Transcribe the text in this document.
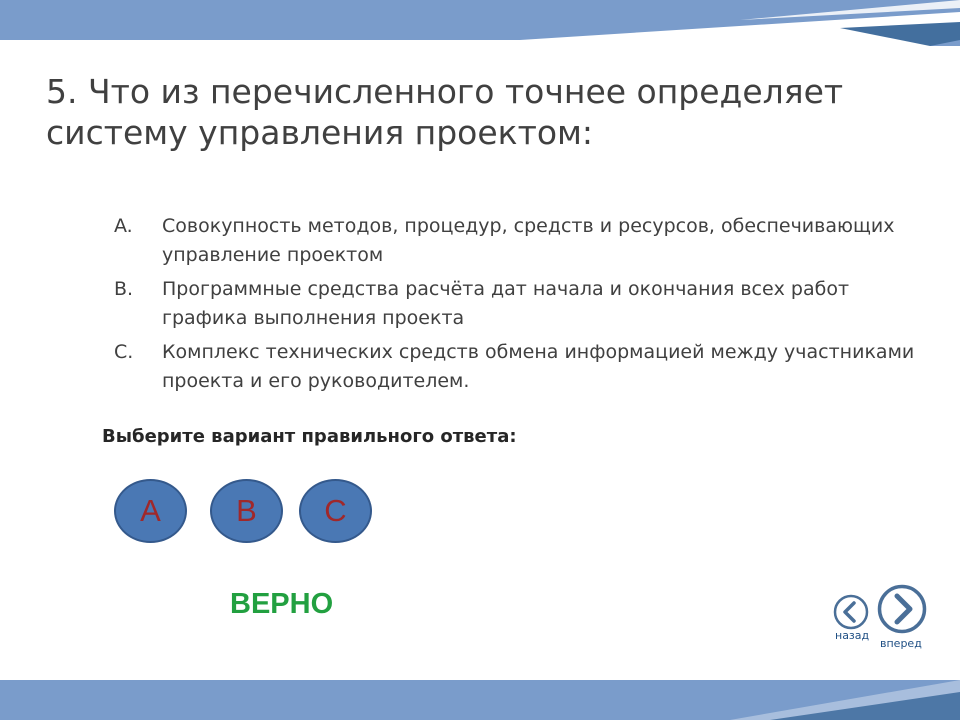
5. Что из перечисленного точнее определяет систему управления проектом:
A.	Совокупность методов, процедур, средств и ресурсов, обеспечивающих управление проектом
B.	Программные средства расчёта дат начала и окончания всех работ графика выполнения проекта
C.	Комплекс технических средств обмена информацией между участниками проекта и его руководителем.

Выберите вариант правильного ответа:

A	B	C

ВЕРНО

назад
вперед
